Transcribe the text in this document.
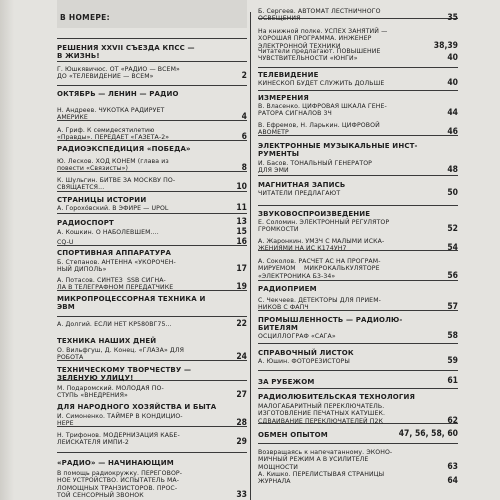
В НОМЕРЕ:
РЕШЕНИЯ XXVII СЪЕЗДА КПСС —
В ЖИЗНЬ!
Г. Юшкявичюс. ОТ «РАДИО — ВСЕМ»
ДО «ТЕЛЕВИДЕНИЕ — ВСЕМ»	2
ОКТЯБРЬ — ЛЕНИН — РАДИО
Н. Андреев. ЧУКОТКА РАДИРУЕТ
АМЕРИКЕ	4
А. Гриф. К семидесятилетию
«Правды». ПЕРЕДАЕТ «ГАЗЕТА-2»	6
РАДИОЭКСПЕДИЦИЯ «ПОБЕДА»
Ю. Лесков. ХОД КОНЕМ (глава из
повести «Связисты»)	8
К. Шульгин. БИТВЕ ЗА МОСКВУ ПО-
СВЯЩАЕТСЯ...	10
СТРАНИЦЫ ИСТОРИИ
А. Горохóвский. В ЭФИРЕ — UPOL	11
РАДИОСПОРТ	13
А. Кошкин. О НАБОЛЕВШЕМ....	15
CQ-U	16
СПОРТИВНАЯ АППАРАТУРА
Б. Степанов. АНТЕННА «УКОРОЧЕН-
НЫЙ ДИПОЛЬ»	17
А. Потасов. СИНТЕЗ  SSB СИГНА-
ЛА В ТЕЛЕГРАФНОМ ПЕРЕДАТЧИКЕ	19
МИКРОПРОЦЕССОРНАЯ ТЕХНИКА И
ЭВМ
А. Долгий. ЕСЛИ НЕТ КР580ВГ75...	22
ТЕХНИКА НАШИХ ДНЕЙ
О. Вильфгуш, Д. Конец. «ГЛАЗА» ДЛЯ
РОБОТА	24
ТЕХНИЧЕСКОМУ ТВОРЧЕСТВУ —
ЗЕЛЕНУЮ УЛИЦУ!
М. Подаромский. МОЛОДАЯ ПО-
СТУПЬ «ВНЕДРЕНИЯ»	27
ДЛЯ НАРОДНОГО ХОЗЯЙСТВА И БЫТА
И. Симоненко. ТАЙМЕР В КОНДИЦИО-
НЕРЕ	28
Н. Трифонов. МОДЕРНИЗАЦИЯ КАБЕ-
ЛЕИСКАТЕЛЯ ИМПИ-2	29
«РАДИО» — НАЧИНАЮЩИМ
В помощь радиокружку. ПЕРЕГОВОР-
НОЕ УСТРОЙСТВО. ИСПЫТАТЕЛЬ МА-
ЛОМОЩНЫХ ТРАНЗИСТОРОВ. ПРОС-
ТОЙ СЕНСОРНЫЙ ЗВОНОК	33
Б. Сергеев. АВТОМАТ ЛЕСТНИЧНОГО
ОСВЕЩЕНИЯ	35
На книжной полке. УСПЕХ ЗАНЯТИЙ —
ХОРОШАЯ ПРОГРАММА. ИНЖЕНЕР
ЭЛЕКТРОННОЙ ТЕХНИКИ	38,39
Читатели предлагают. ПОВЫШЕНИЕ
ЧУВСТВИТЕЛЬНОСТИ «ЮНГИ»	40
ТЕЛЕВИДЕНИЕ
КИНЕСКОП БУДЕТ СЛУЖИТЬ ДОЛЬШЕ	40
ИЗМЕРЕНИЯ
В. Власенко. ЦИФРОВАЯ ШКАЛА ГЕНЕ-
РАТОРА СИГНАЛОВ 3Ч	44
В. Ефремов, Н. Ларькин. ЦИФРОВОЙ
АВОМЕТР	46
ЭЛЕКТРОННЫЕ МУЗЫКАЛЬНЫЕ ИНСТ-
РУМЕНТЫ
И. Басов. ТОНАЛЬНЫЙ ГЕНЕРАТОР
ДЛЯ ЭМИ	48
МАГНИТНАЯ ЗАПИСЬ
ЧИТАТЕЛИ ПРЕДЛАГАЮТ	50
ЗВУКОВОСПРОИЗВЕДЕНИЕ
Е. Соломин. ЭЛЕКТРОННЫЙ РЕГУЛЯТОР
ГРОМКОСТИ	52
А. Жаронкин. УМЗЧ С МАЛЫМИ ИСКА-
ЖЕНИЯМИ НА ИС К174УН7	54
А. Соколов. РАСЧЕТ АС НА ПРОГРАМ-
МИРУЕМОМ    МИКРОКАЛЬКУЛЯТОРЕ
«ЭЛЕКТРОНИКА Б3-34»	56
РАДИОПРИЕМ
С. Чекчеев. ДЕТЕКТОРЫ ДЛЯ ПРИЕМ-
НИКОВ С ФАПЧ	57
ПРОМЫШЛЕННОСТЬ — РАДИОЛЮ-
БИТЕЛЯМ
ОСЦИЛЛОГРАФ «САГА»	58
СПРАВОЧНЫЙ ЛИСТОК
А. Юшин. ФОТОРЕЗИСТОРЫ	59
ЗА РУБЕЖОМ	61
РАДИОЛЮБИТЕЛЬСКАЯ ТЕХНОЛОГИЯ
МАЛОГАБАРИТНЫЙ ПЕРЕКЛЮЧАТЕЛЬ.
ИЗГОТОВЛЕНИЕ ПЕЧАТНЫХ КАТУШЕК.
СДВАИВАНИЕ ПЕРЕКЛЮЧАТЕЛЕЙ П2К	62
ОБМЕН ОПЫТОМ	47, 56, 58, 60
Возвращаясь к напечатанному. ЭКОНО-
МИЧНЫЙ РЕЖИМ А В УСИЛИТЕЛЕ
МОЩНОСТИ	63
А. Кишко. ПЕРЕЛИСТЫВАЯ СТРАНИЦЫ
ЖУРНАЛА	64
